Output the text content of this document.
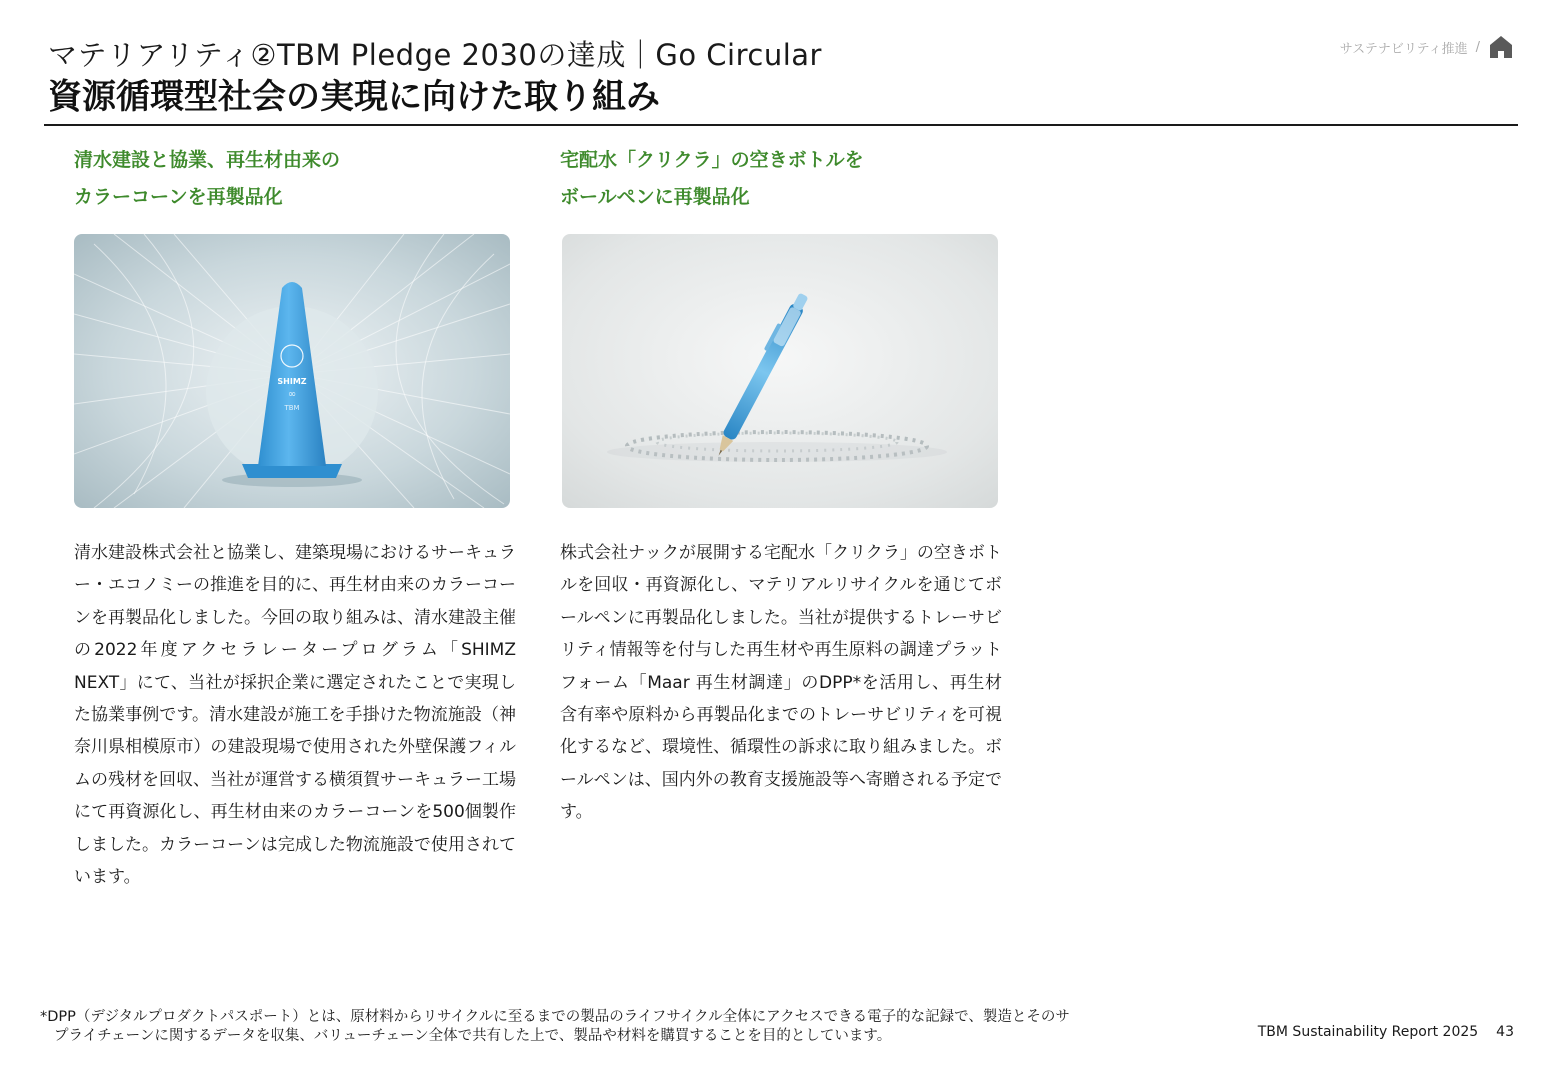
マテリアリティ②TBM Pledge 2030の達成｜Go Circular
資源循環型社会の実現に向けた取り組み
サステナビリティ推進 /
清水建設と協業、再生材由来の
カラーコーンを再製品化
SHIMZ
∞
TBM

清水建設株式会社と協業し、建築現場におけるサーキュラー・エコノミーの推進を目的に、再生材由来のカラーコーンを再製品化しました。今回の取り組みは、清水建設主催の2022年度アクセラレータープログラム「SHIMZ NEXT」にて、当社が採択企業に選定されたことで実現した協業事例です。清水建設が施工を手掛けた物流施設（神奈川県相模原市）の建設現場で使用された外壁保護フィルムの残材を回収、当社が運営する横須賀サーキュラー工場にて再資源化し、再生材由来のカラーコーンを500個製作しました。カラーコーンは完成した物流施設で使用されています。

宅配水「クリクラ」の空きボトルを
ボールペンに再製品化

株式会社ナックが展開する宅配水「クリクラ」の空きボトルを回収・再資源化し、マテリアルリサイクルを通じてボールペンに再製品化しました。当社が提供するトレーサビリティ情報等を付与した再生材や再生原料の調達プラットフォーム「Maar 再生材調達」のDPP*を活用し、再生材含有率や原料から再製品化までのトレーサビリティを可視化するなど、環境性、循環性の訴求に取り組みました。ボールペンは、国内外の教育支援施設等へ寄贈される予定です。

*DPP（デジタルプロダクトパスポート）とは、原材料からリサイクルに至るまでの製品のライフサイクル全体にアクセスできる電子的な記録で、製造とそのサ

プライチェーンに関するデータを収集、バリューチェーン全体で共有した上で、製品や材料を購買することを目的としています。	TBM Sustainability Report 2025 43
